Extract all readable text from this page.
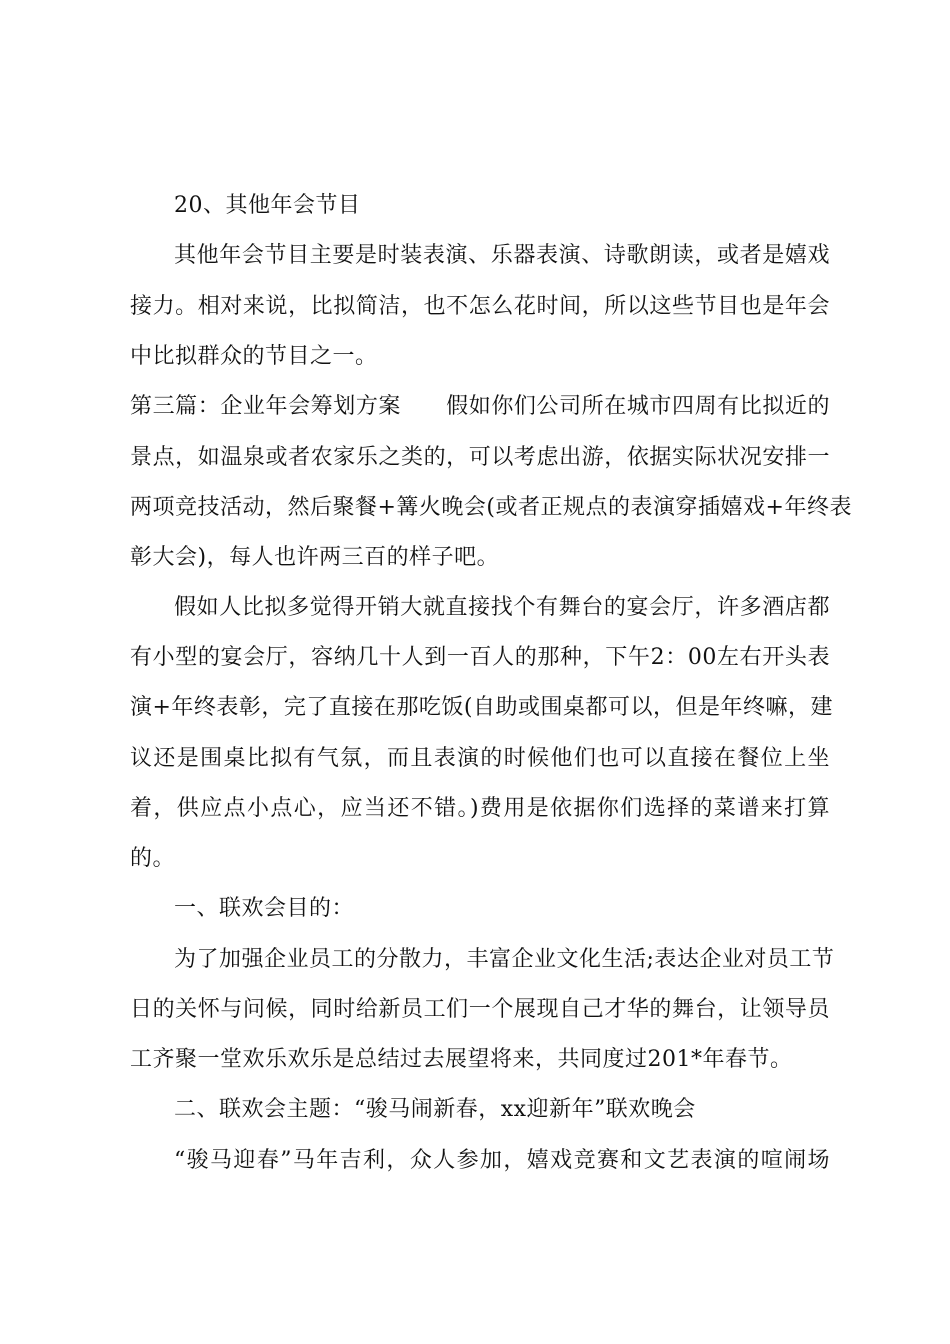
20、其他年会节目
其他年会节目主要是时装表演、乐器表演、诗歌朗读，或者是嬉戏
接力。相对来说，比拟简洁，也不怎么花时间，所以这些节目也是年会
中比拟群众的节目之一。
第三篇：企业年会筹划方案　　假如你们公司所在城市四周有比拟近的
景点，如温泉或者农家乐之类的，可以考虑出游，依据实际状况安排一
两项竞技活动，然后聚餐+篝火晚会(或者正规点的表演穿插嬉戏+年终表
彰大会)，每人也许两三百的样子吧。
假如人比拟多觉得开销大就直接找个有舞台的宴会厅，许多酒店都
有小型的宴会厅，容纳几十人到一百人的那种，下午2：00左右开头表
演+年终表彰，完了直接在那吃饭(自助或围桌都可以，但是年终嘛，建
议还是围桌比拟有气氛，而且表演的时候他们也可以直接在餐位上坐
着，供应点小点心，应当还不错。)费用是依据你们选择的菜谱来打算
的。
一、联欢会目的：
为了加强企业员工的分散力，丰富企业文化生活;表达企业对员工节
日的关怀与问候，同时给新员工们一个展现自己才华的舞台，让领导员
工齐聚一堂欢乐欢乐是总结过去展望将来，共同度过201*年春节。
二、联欢会主题：“骏马闹新春，xx迎新年”联欢晚会
“骏马迎春”马年吉利，众人参加，嬉戏竞赛和文艺表演的喧闹场
